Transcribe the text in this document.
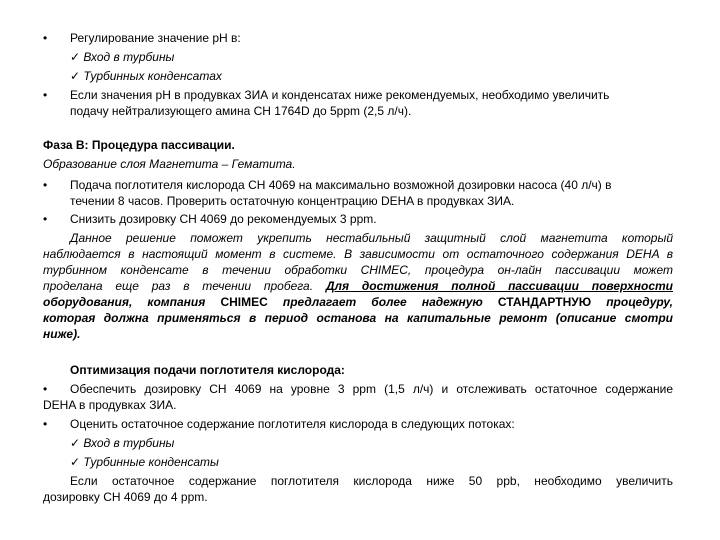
•	Регулирование значение pH в:
✓ Вход в турбины
✓ Турбинных конденсатах
•	Если значения pH в продувках ЗИА и конденсатах ниже рекомендуемых, необходимо увеличить
подачу нейтрализующего амина CH 1764D до 5ppm (2,5 л/ч).
Фаза В: Процедура пассивации.
Образование слоя Магнетита – Гематита.
•	Подача поглотителя кислорода CH 4069 на максимально возможной дозировки насоса (40 л/ч) в
течении 8 часов. Проверить остаточную концентрацию DEHA в продувках ЗИА.
•	Снизить дозировку CH 4069 до рекомендуемых 3 ppm.
Данное решение поможет укрепить нестабильный защитный слой магнетита который
наблюдается в настоящий момент в системе. В зависимости от остаточного содержания DEHA в
турбинном конденсате в течении обработки CHIMEC, процедура он-лайн пассивации может
проделана еще раз в течении пробега. Для достижения полной пассивации поверхности
оборудования, компания CHIMEC предлагает более надежную СТАНДАРТНУЮ процедуру,
которая должна применяться в период останова на капитальные ремонт (описание смотри
ниже).
Оптимизация подачи поглотителя кислорода:
•	Обеспечить дозировку CH 4069 на уровне 3 ppm (1,5 л/ч) и отслеживать остаточное содержание
DEHA в продувках ЗИА.
•	Оценить остаточное содержание поглотителя кислорода в следующих потоках:
✓ Вход в турбины
✓ Турбинные конденсаты
Если остаточное содержание поглотителя кислорода ниже 50 ppb, необходимо увеличить
дозировку CH 4069 до 4 ppm.
